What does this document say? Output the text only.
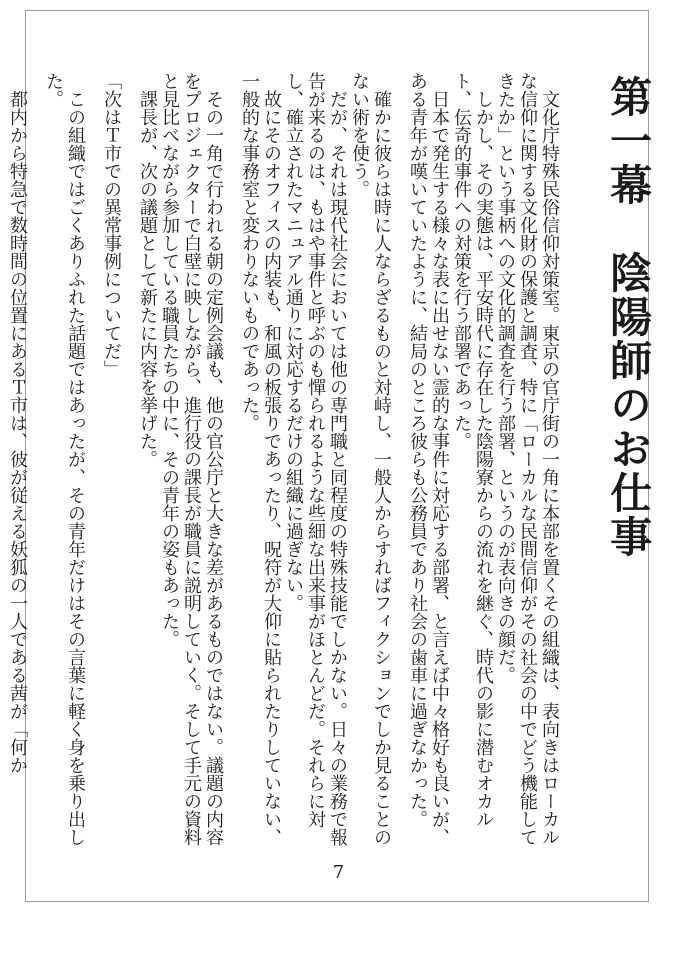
第一幕　陰陽師のお仕事

　文化庁特殊民俗信仰対策室。東京の官庁街の一角に本部を置くその組織は、表向きはローカルな信仰に関する文化財の保護と調査、特に「ローカルな民間信仰がその社会の中でどう機能してきたか」という事柄への文化的調査を行う部署、というのが表向きの顔だ。

　しかし、その実態は、平安時代に存在した陰陽寮からの流れを継ぐ、時代の影に潜むオカルト、伝奇的事件への対策を行う部署であった。

　日本で発生する様々な表に出せない霊的な事件に対応する部署、と言えば中々格好も良いが、ある青年が嘆いていたように、結局のところ彼らも公務員であり社会の歯車に過ぎなかった。

　確かに彼らは時に人ならざるものと対峙し、一般人からすればフィクションでしか見ることのない術を使う。

　だが、それは現代社会においては他の専門職と同程度の特殊技能でしかない。日々の業務で報告が来るのは、もはや事件と呼ぶのも憚られるような些細な出来事がほとんどだ。それらに対し、確立されたマニュアル通りに対応するだけの組織に過ぎない。

　故にそのオフィスの内装も、和風の板張りであったり、呪符が大仰に貼られたりしていない、一般的な事務室と変わりないものであった。

　その一角で行われる朝の定例会議も、他の官公庁と大きな差があるものではない。議題の内容をプロジェクターで白壁に映しながら、進行役の課長が職員に説明していく。そして手元の資料と見比べながら参加している職員たちの中に、その青年の姿もあった。

　課長が、次の議題として新たに内容を挙げた。

「次はＴ市での異常事例についてだ」

　この組織ではごくありふれた話題ではあったが、その青年だけはその言葉に軽く身を乗り出した。

　都内から特急で数時間の位置にあるＴ市は、彼が従える妖狐の一人である茜が「何か

7
